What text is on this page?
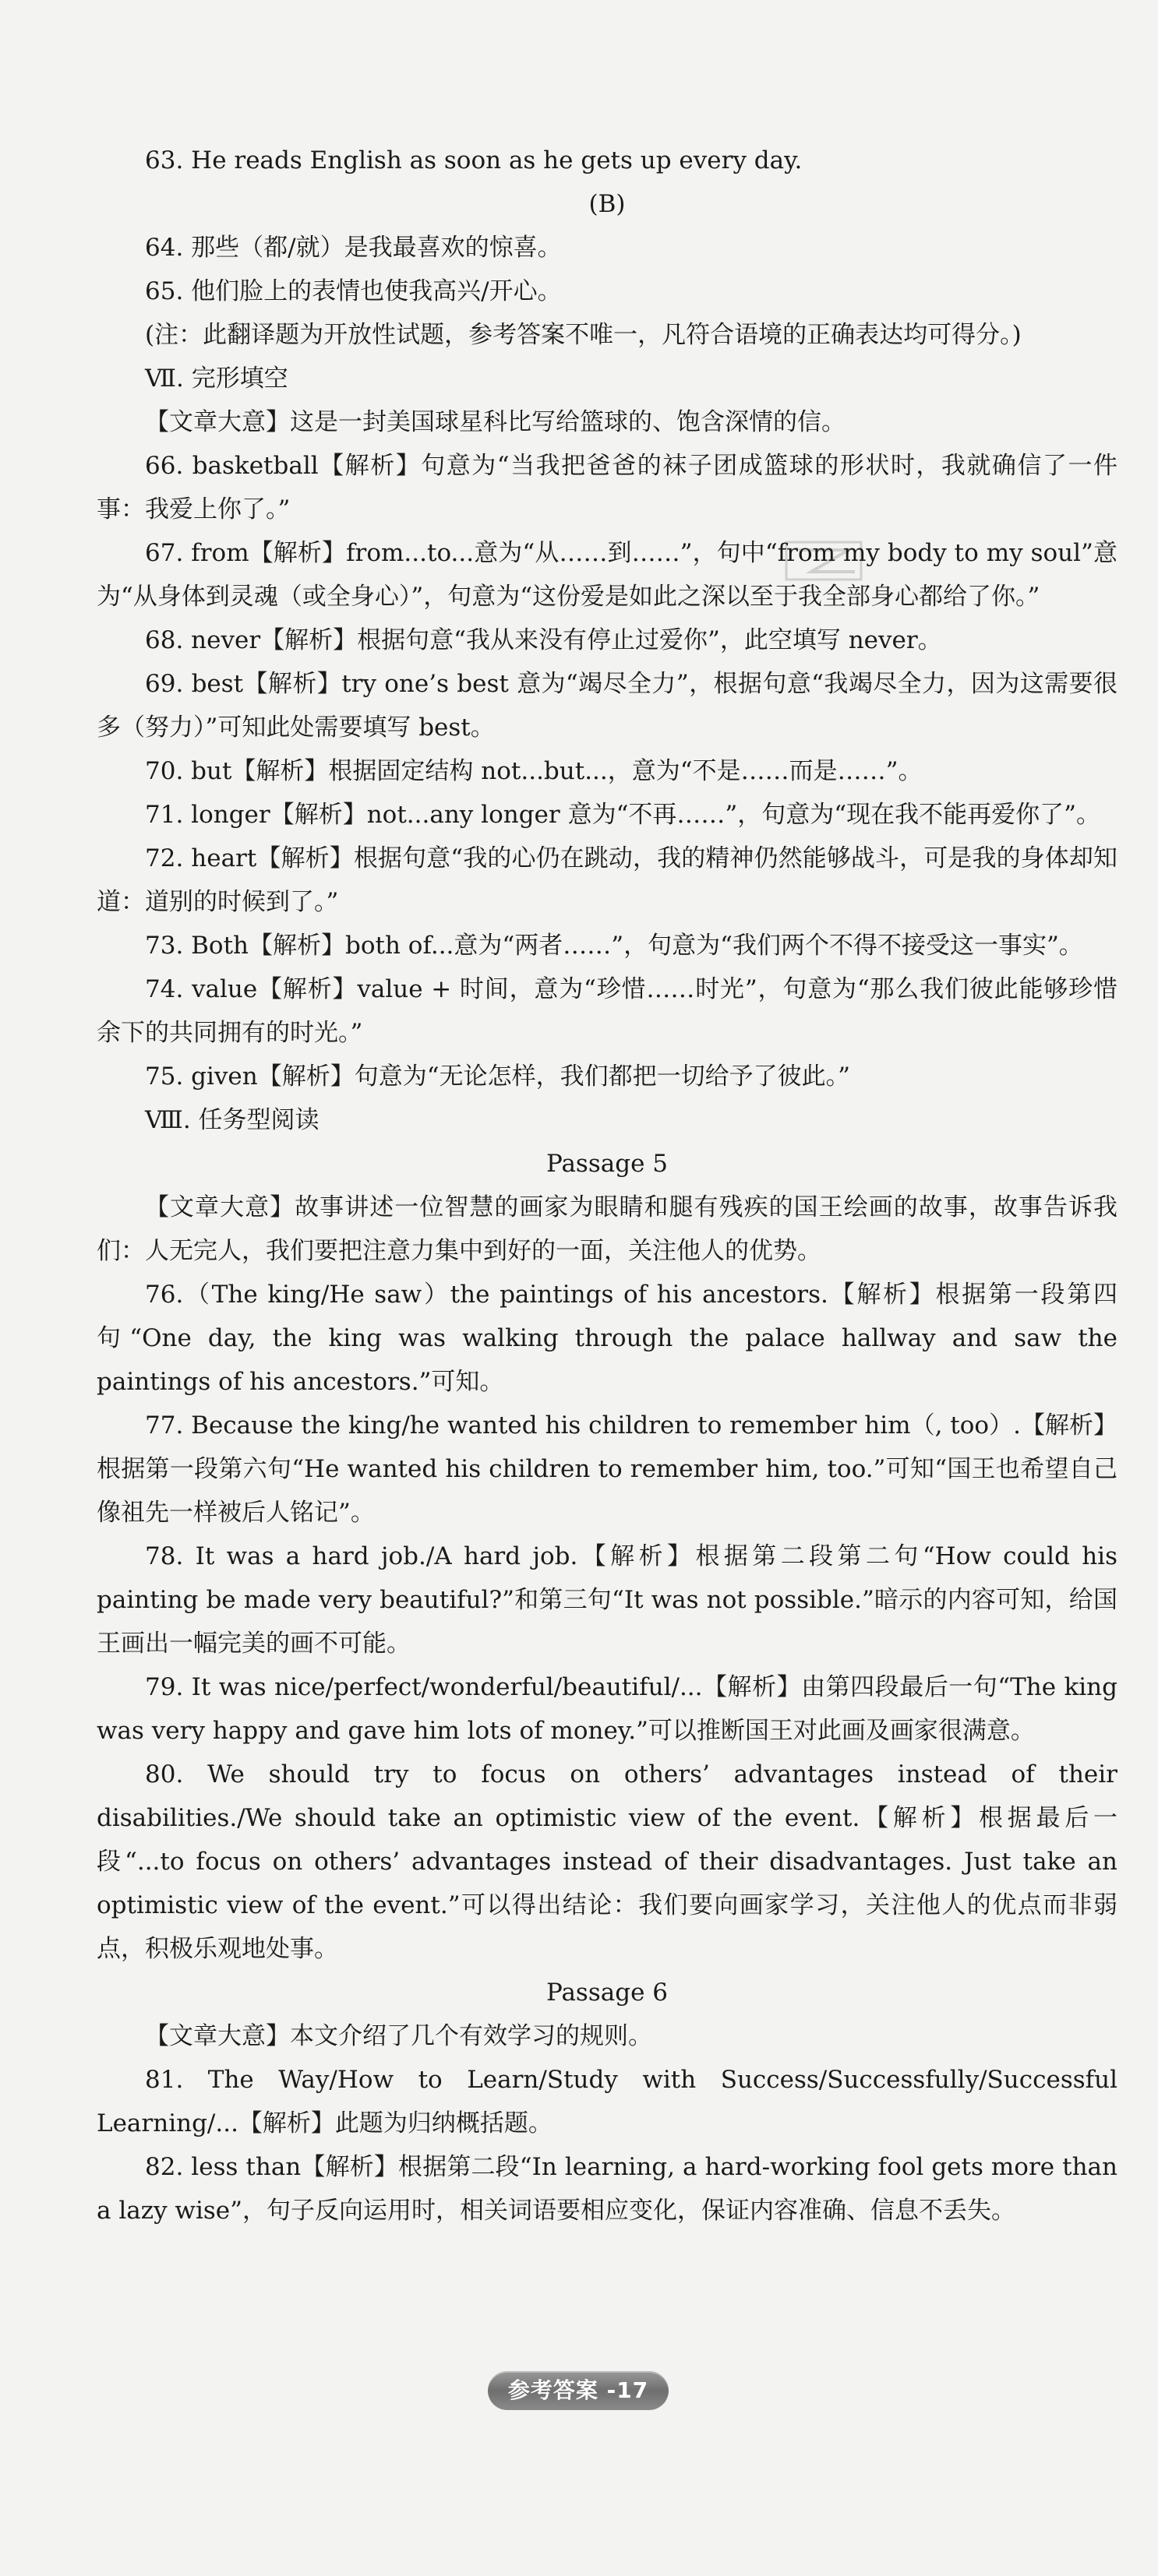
63. He reads English as soon as he gets up every day.

(B)

64. 那些（都/就）是我最喜欢的惊喜。

65. 他们脸上的表情也使我高兴/开心。

(注：此翻译题为开放性试题，参考答案不唯一，凡符合语境的正确表达均可得分。)

Ⅶ. 完形填空

【文章大意】这是一封美国球星科比写给篮球的、饱含深情的信。

66. basketball【解析】句意为“当我把爸爸的袜子团成篮球的形状时，我就确信了一件事：我爱上你了。”

67. from【解析】from...to...意为“从……到……”，句中“from my body to my soul”意为“从身体到灵魂（或全身心）”，句意为“这份爱是如此之深以至于我全部身心都给了你。”

68. never【解析】根据句意“我从来没有停止过爱你”，此空填写 never。

69. best【解析】try one’s best 意为“竭尽全力”，根据句意“我竭尽全力，因为这需要很多（努力）”可知此处需要填写 best。

70. but【解析】根据固定结构 not...but...，意为“不是……而是……”。

71. longer【解析】not...any longer 意为“不再……”，句意为“现在我不能再爱你了”。

72. heart【解析】根据句意“我的心仍在跳动，我的精神仍然能够战斗，可是我的身体却知道：道别的时候到了。”

73. Both【解析】both of...意为“两者……”，句意为“我们两个不得不接受这一事实”。

74. value【解析】value + 时间，意为“珍惜……时光”，句意为“那么我们彼此能够珍惜余下的共同拥有的时光。”

75. given【解析】句意为“无论怎样，我们都把一切给予了彼此。”

Ⅷ. 任务型阅读

Passage 5

【文章大意】故事讲述一位智慧的画家为眼睛和腿有残疾的国王绘画的故事，故事告诉我们：人无完人，我们要把注意力集中到好的一面，关注他人的优势。

76.（The king/He saw）the paintings of his ancestors.【解析】根据第一段第四句“One day, the king was walking through the palace hallway and saw the paintings of his ancestors.”可知。

77. Because the king/he wanted his children to remember him（, too）.【解析】根据第一段第六句“He wanted his children to remember him, too.”可知“国王也希望自己像祖先一样被后人铭记”。

78. It was a hard job./A hard job.【解析】根据第二段第二句“How could his painting be made very beautiful?”和第三句“It was not possible.”暗示的内容可知，给国王画出一幅完美的画不可能。

79. It was nice/perfect/wonderful/beautiful/...【解析】由第四段最后一句“The king was very happy and gave him lots of money.”可以推断国王对此画及画家很满意。

80. We should try to focus on others’ advantages instead of their disabilities./We should take an optimistic view of the event.【解析】根据最后一段“...to focus on others’ advantages instead of their disadvantages. Just take an optimistic view of the event.”可以得出结论：我们要向画家学习，关注他人的优点而非弱点，积极乐观地处事。

Passage 6

【文章大意】本文介绍了几个有效学习的规则。

81. The Way/How to Learn/Study with Success/Successfully/Successful Learning/...【解析】此题为归纳概括题。

82. less than【解析】根据第二段“In learning, a hard-working fool gets more than a lazy wise”，句子反向运用时，相关词语要相应变化，保证内容准确、信息不丢失。

参考答案 -17
